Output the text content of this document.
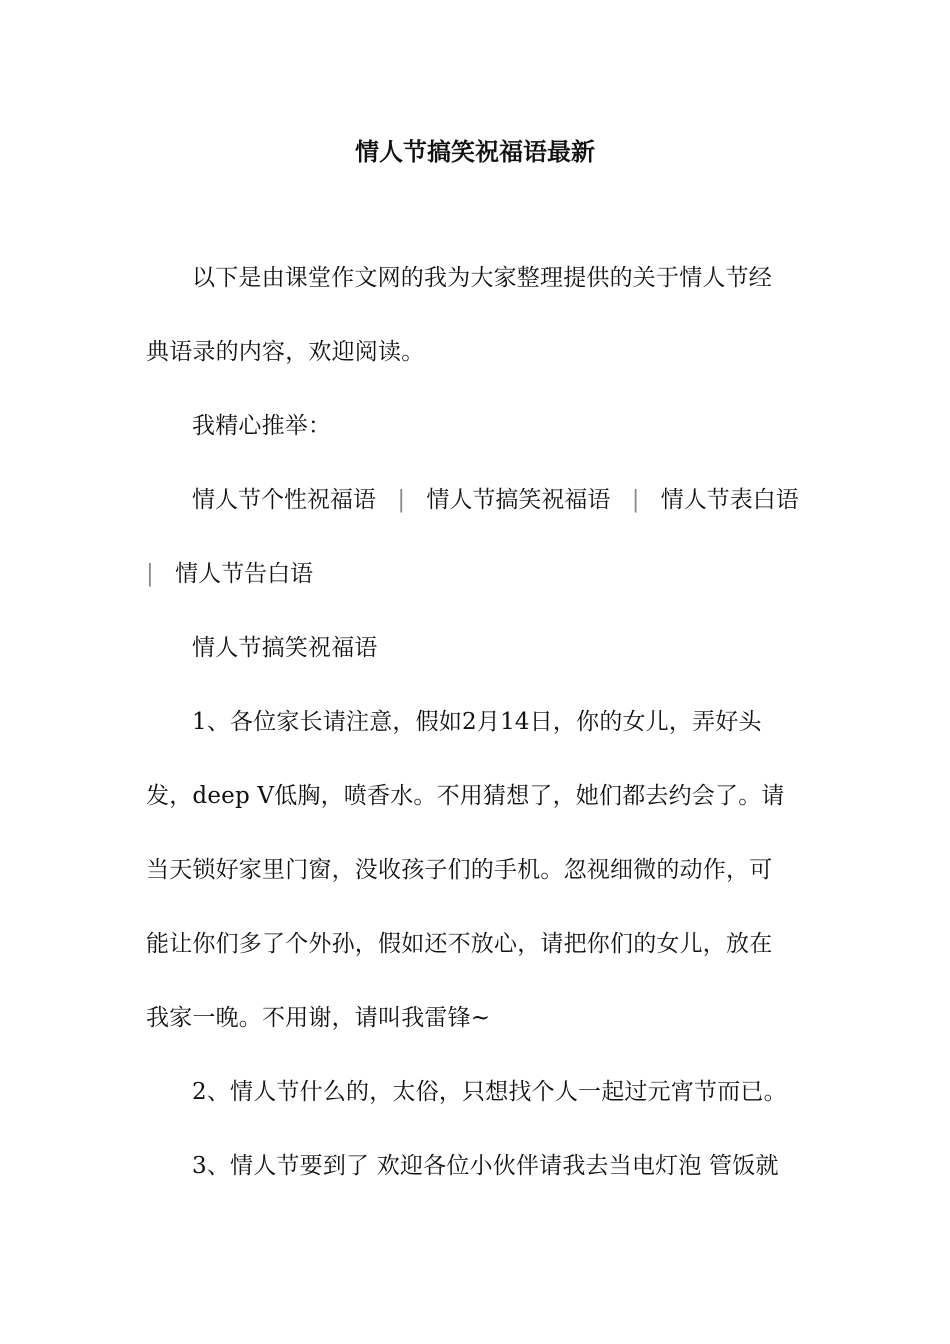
情人节搞笑祝福语最新
以下是由课堂作文网的我为大家整理提供的关于情人节经
典语录的内容，欢迎阅读。
我精心推举：
情人节个性祝福语 | 情人节搞笑祝福语 | 情人节表白语
| 情人节告白语
情人节搞笑祝福语
1、各位家长请注意，假如2月14日，你的女儿，弄好头
发，deep V低胸，喷香水。不用猜想了，她们都去约会了。请
当天锁好家里门窗，没收孩子们的手机。忽视细微的动作，可
能让你们多了个外孙，假如还不放心，请把你们的女儿，放在
我家一晚。不用谢，请叫我雷锋~
2、情人节什么的，太俗，只想找个人一起过元宵节而已。
3、情人节要到了 欢迎各位小伙伴请我去当电灯泡 管饭就
